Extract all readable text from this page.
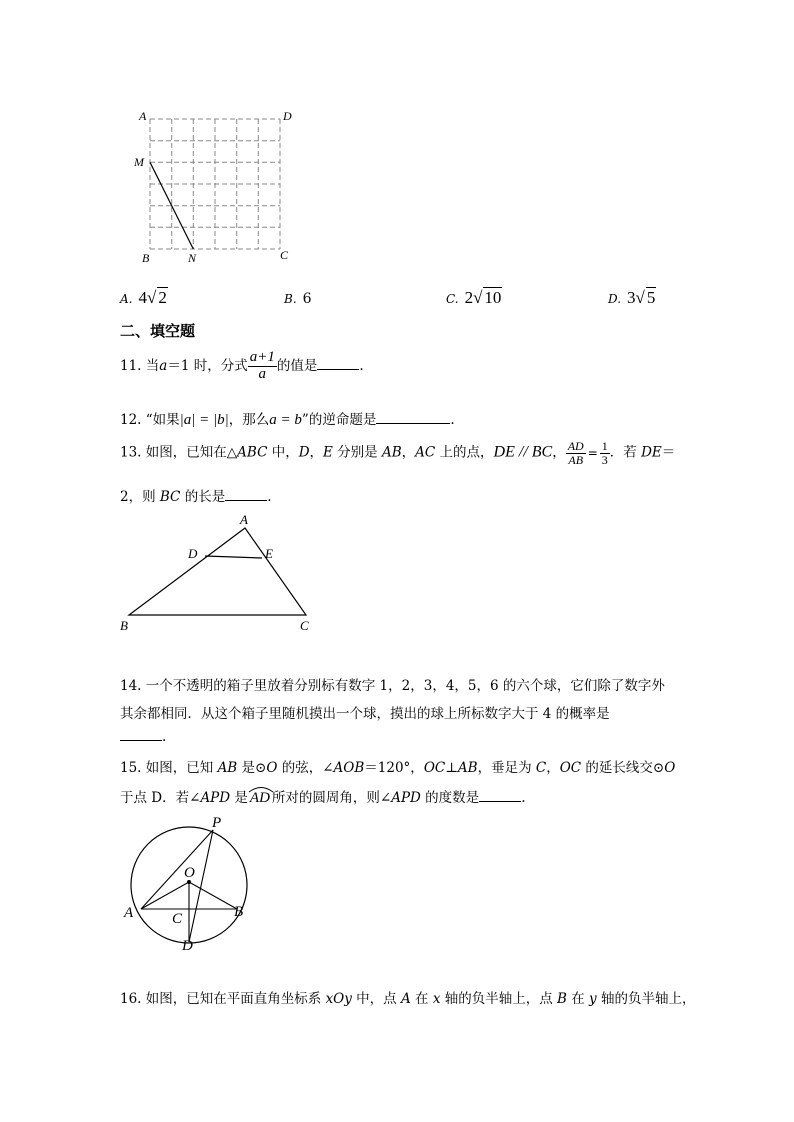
A	D
M
B	N	C
A. 4√ 2	B. 6	C. 2√ 10	D. 3√ 5
二、填空题
11. 当a＝1 时，分式 $\frac{a+1}{a}$ 的值是	.
12. “如果|a| = |b|，那么a = b”的逆命题是	.
13. 如图，已知在△ABC 中，D，E 分别是 AB，AC 上的点，DE // BC， $\frac{AD}{AB} = \frac{1}{3}$ ．若 DE＝
2，则 BC 的长是	.
A
D	E
B	C
14. 一个不透明的箱子里放着分别标有数字 1，2，3，4，5，6 的六个球，它们除了数字外
其余都相同．从这个箱子里随机摸出一个球，摸出的球上所标数字大于 4 的概率是
.
15. 如图，已知 AB 是⊙O 的弦，∠AOB＝120°，OC⊥AB，垂足为 C，OC 的延长线交⊙O
于点 D．若∠APD 是 AD 所对的圆周角，则∠APD 的度数是	.
P
O
A	B
C
D
16. 如图，已知在平面直角坐标系 xOy 中，点 A 在 x 轴的负半轴上，点 B 在 y 轴的负半轴上，
